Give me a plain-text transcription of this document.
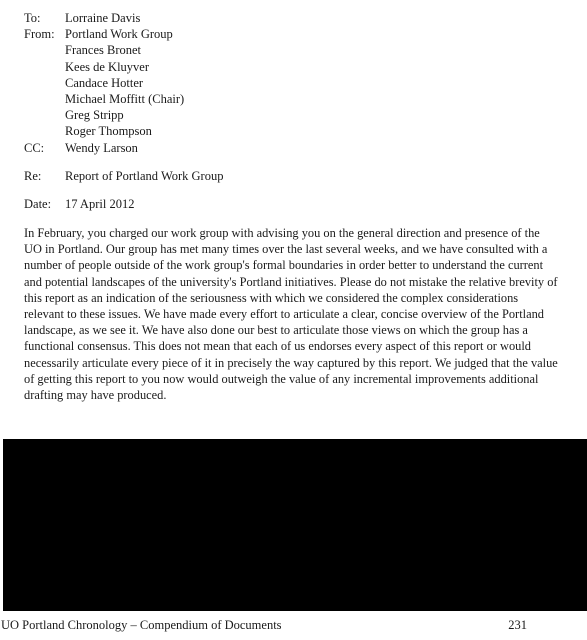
To:	Lorraine Davis
From: Portland Work Group
Frances Bronet
Kees de Kluyver
Candace Hotter
Michael Moffitt (Chair)
Greg Stripp
Roger Thompson
CC:	Wendy Larson
Re:	Report of Portland Work Group
Date:	17 April 2012

In February, you charged our work group with advising you on the general direction and presence of the UO in Portland. Our group has met many times over the last several weeks, and we have consulted with a number of people outside of the work group's formal boundaries in order better to understand the current and potential landscapes of the university's Portland initiatives. Please do not mistake the relative brevity of this report as an indication of the seriousness with which we considered the complex considerations relevant to these issues. We have made every effort to articulate a clear, concise overview of the Portland landscape, as we see it. We have also done our best to articulate those views on which the group has a functional consensus. This does not mean that each of us endorses every aspect of this report or would necessarily articulate every piece of it in precisely the way captured by this report. We judged that the value of getting this report to you now would outweigh the value of any incremental improvements additional drafting may have produced.

UO Portland Chronology – Compendium of Documents	231
